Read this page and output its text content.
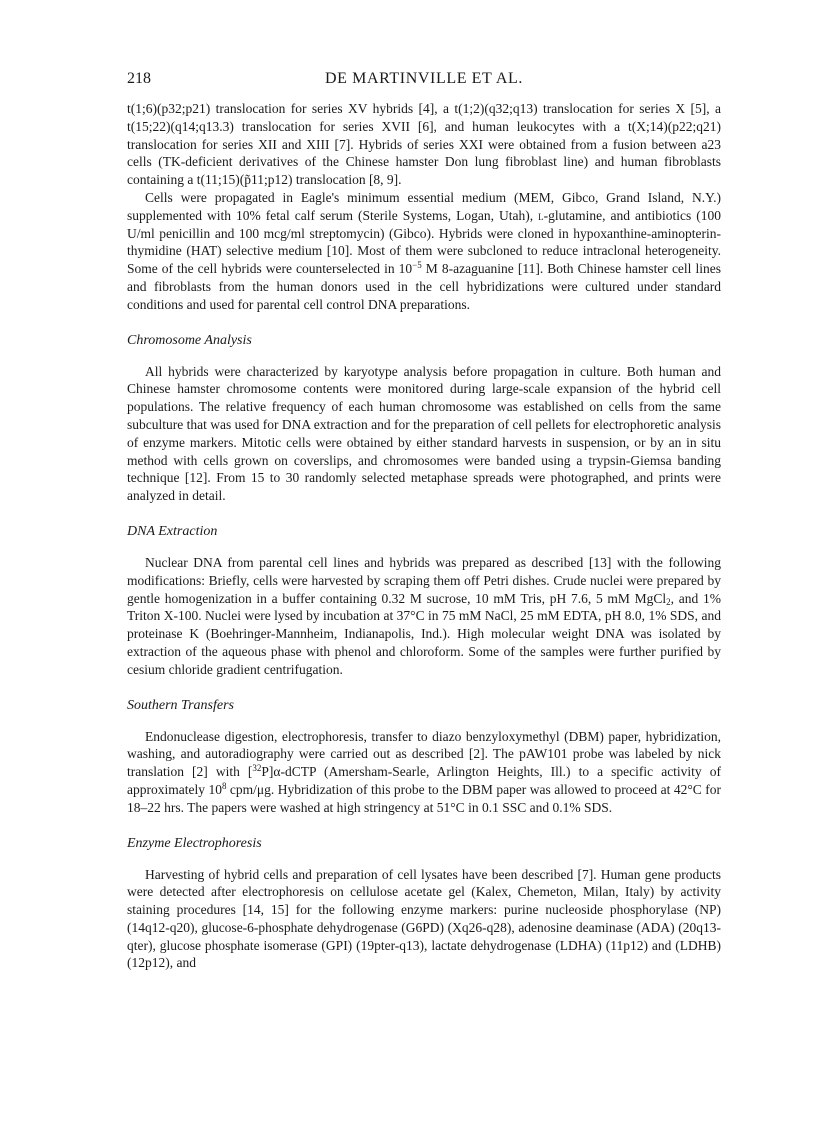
218	DE MARTINVILLE ET AL.

t(1;6)(p32;p21) translocation for series XV hybrids [4], a t(1;2)(q32;q13) translocation for series X [5], a t(15;22)(q14;q13.3) translocation for series XVII [6], and human leukocytes with a t(X;14)(p22;q21) translocation for series XII and XIII [7]. Hybrids of series XXI were obtained from a fusion between a23 cells (TK-deficient derivatives of the Chinese hamster Don lung fibroblast line) and human fibroblasts containing a t(11;15)(p̃11;p12) translocation [8, 9].

Cells were propagated in Eagle's minimum essential medium (MEM, Gibco, Grand Island, N.Y.) supplemented with 10% fetal calf serum (Sterile Systems, Logan, Utah), l-glutamine, and antibiotics (100 U/ml penicillin and 100 mcg/ml streptomycin) (Gibco). Hybrids were cloned in hypoxanthine-aminopterin-thymidine (HAT) selective medium [10]. Most of them were subcloned to reduce intraclonal heterogeneity. Some of the cell hybrids were counterselected in $10^{-5}$ M 8-azaguanine [11]. Both Chinese hamster cell lines and fibroblasts from the human donors used in the cell hybridizations were cultured under standard conditions and used for parental cell control DNA preparations.

Chromosome Analysis

All hybrids were characterized by karyotype analysis before propagation in culture. Both human and Chinese hamster chromosome contents were monitored during large-scale expansion of the hybrid cell populations. The relative frequency of each human chromosome was established on cells from the same subculture that was used for DNA extraction and for the preparation of cell pellets for electrophoretic analysis of enzyme markers. Mitotic cells were obtained by either standard harvests in suspension, or by an in situ method with cells grown on coverslips, and chromosomes were banded using a trypsin-Giemsa banding technique [12]. From 15 to 30 randomly selected metaphase spreads were photographed, and prints were analyzed in detail.

DNA Extraction

Nuclear DNA from parental cell lines and hybrids was prepared as described [13] with the following modifications: Briefly, cells were harvested by scraping them off Petri dishes. Crude nuclei were prepared by gentle homogenization in a buffer containing 0.32 M sucrose, 10 mM Tris, pH 7.6, 5 mM MgCl$_2$, and 1% Triton X-100. Nuclei were lysed by incubation at 37°C in 75 mM NaCl, 25 mM EDTA, pH 8.0, 1% SDS, and proteinase K (Boehringer-Mannheim, Indianapolis, Ind.). High molecular weight DNA was isolated by extraction of the aqueous phase with phenol and chloroform. Some of the samples were further purified by cesium chloride gradient centrifugation.

Southern Transfers

Endonuclease digestion, electrophoresis, transfer to diazo benzyloxymethyl (DBM) paper, hybridization, washing, and autoradiography were carried out as described [2]. The pAW101 probe was labeled by nick translation [2] with [$^{32}$P]α-dCTP (Amersham-Searle, Arlington Heights, Ill.) to a specific activity of approximately $10^8$ cpm/μg. Hybridization of this probe to the DBM paper was allowed to proceed at 42°C for 18–22 hrs. The papers were washed at high stringency at 51°C in 0.1 SSC and 0.1% SDS.

Enzyme Electrophoresis

Harvesting of hybrid cells and preparation of cell lysates have been described [7]. Human gene products were detected after electrophoresis on cellulose acetate gel (Kalex, Chemeton, Milan, Italy) by activity staining procedures [14, 15] for the following enzyme markers: purine nucleoside phosphorylase (NP) (14q12-q20), glucose-6-phosphate dehydrogenase (G6PD) (Xq26-q28), adenosine deaminase (ADA) (20q13-qter), glucose phosphate isomerase (GPI) (19pter-q13), lactate dehydrogenase (LDHA) (11p12) and (LDHB) (12p12), and
